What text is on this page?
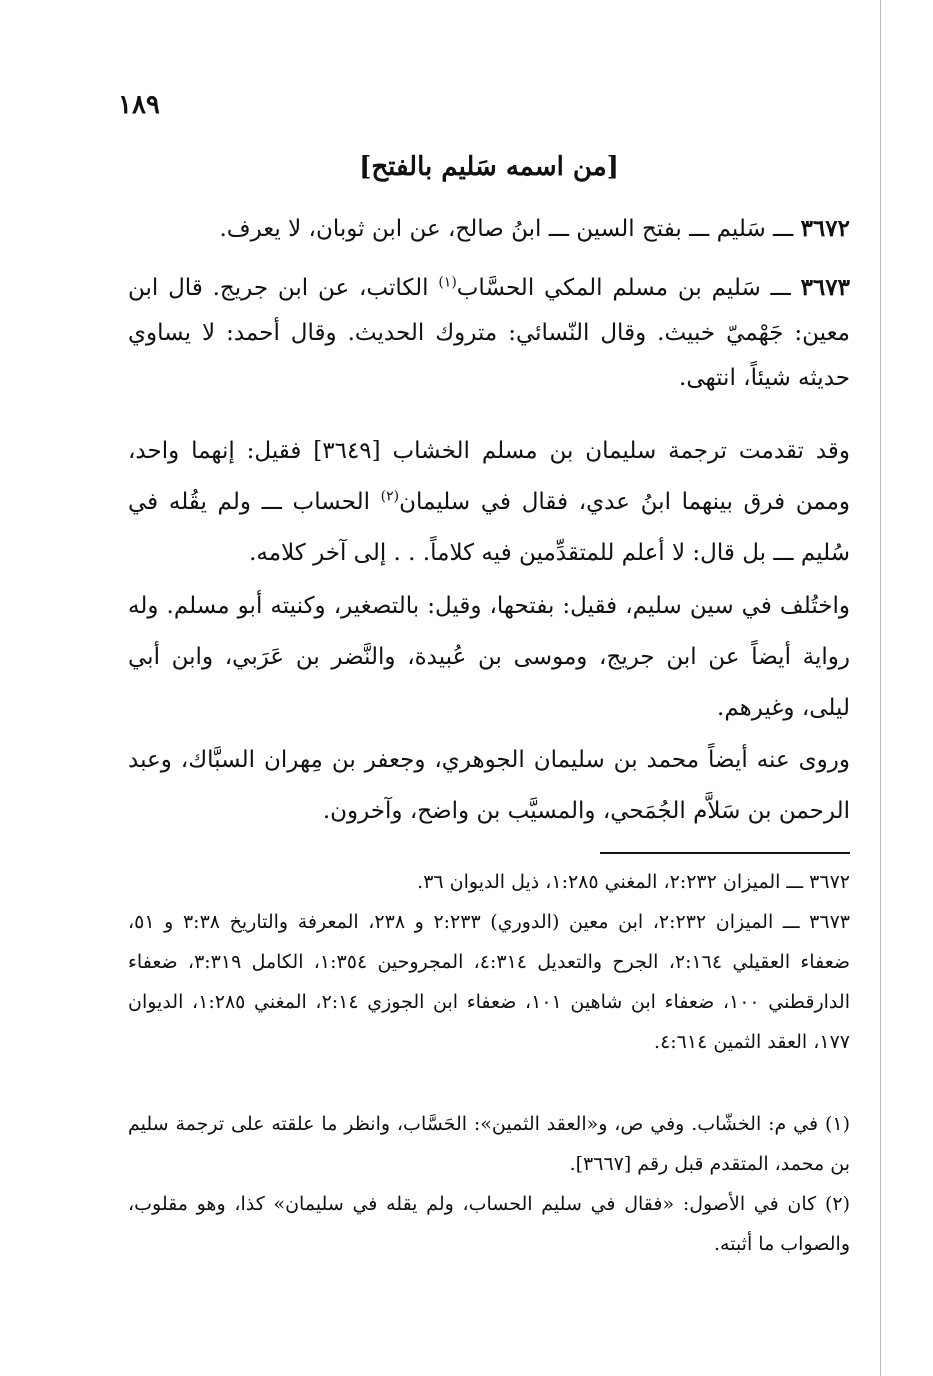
١٨٩
[من اسمه سَليم بالفتح]

٣٦٧٢ ـــ سَليم ـــ بفتح السين ـــ ابنُ صالح، عن ابن ثوبان، لا يعرف.

٣٦٧٣ ـــ سَليم بن مسلم المكي الحسَّاب$^{(١)}$ الكاتب، عن ابن جريج. قال ابن معين: جَهْميّ خبيث. وقال النّسائي: متروك الحديث. وقال أحمد: لا يساوي حديثه شيئاً، انتهى.

وقد تقدمت ترجمة سليمان بن مسلم الخشاب [٣٦٤٩] فقيل: إنهما واحد، وممن فرق بينهما ابنُ عدي، فقال في سليمان$^{(٢)}$ الحساب ـــ ولم يقُله في سُليم ـــ بل قال: لا أعلم للمتقدِّمين فيه كلاماً. . . إلى آخر كلامه.

واختُلف في سين سليم، فقيل: بفتحها، وقيل: بالتصغير، وكنيته أبو مسلم. وله رواية أيضاً عن ابن جريج، وموسى بن عُبيدة، والنَّضر بن عَرَبي، وابن أبي ليلى، وغيرهم.

وروى عنه أيضاً محمد بن سليمان الجوهري، وجعفر بن مِهران السبَّاك، وعبد الرحمن بن سَلاَّم الجُمَحي، والمسيَّب بن واضح، وآخرون.

٣٦٧٢ ـــ الميزان ٢:٢٣٢، المغني ١:٢٨٥، ذيل الديوان ٣٦.

٣٦٧٣ ـــ الميزان ٢:٢٣٢، ابن معين (الدوري) ٢:٢٣٣ و ٢٣٨، المعرفة والتاريخ ٣:٣٨ و ٥١، ضعفاء العقيلي ٢:١٦٤، الجرح والتعديل ٤:٣١٤، المجروحين ١:٣٥٤، الكامل ٣:٣١٩، ضعفاء الدارقطني ١٠٠، ضعفاء ابن شاهين ١٠١، ضعفاء ابن الجوزي ٢:١٤، المغني ١:٢٨٥، الديوان ١٧٧، العقد الثمين ٤:٦١٤.

(١) في م: الخشّاب. وفي ص، و«العقد الثمين»: الحَسَّاب، وانظر ما علقته على ترجمة سليم بن محمد، المتقدم قبل رقم [٣٦٦٧].

(٢) كان في الأصول: «فقال في سليم الحساب، ولم يقله في سليمان» كذا، وهو مقلوب، والصواب ما أثبته.
